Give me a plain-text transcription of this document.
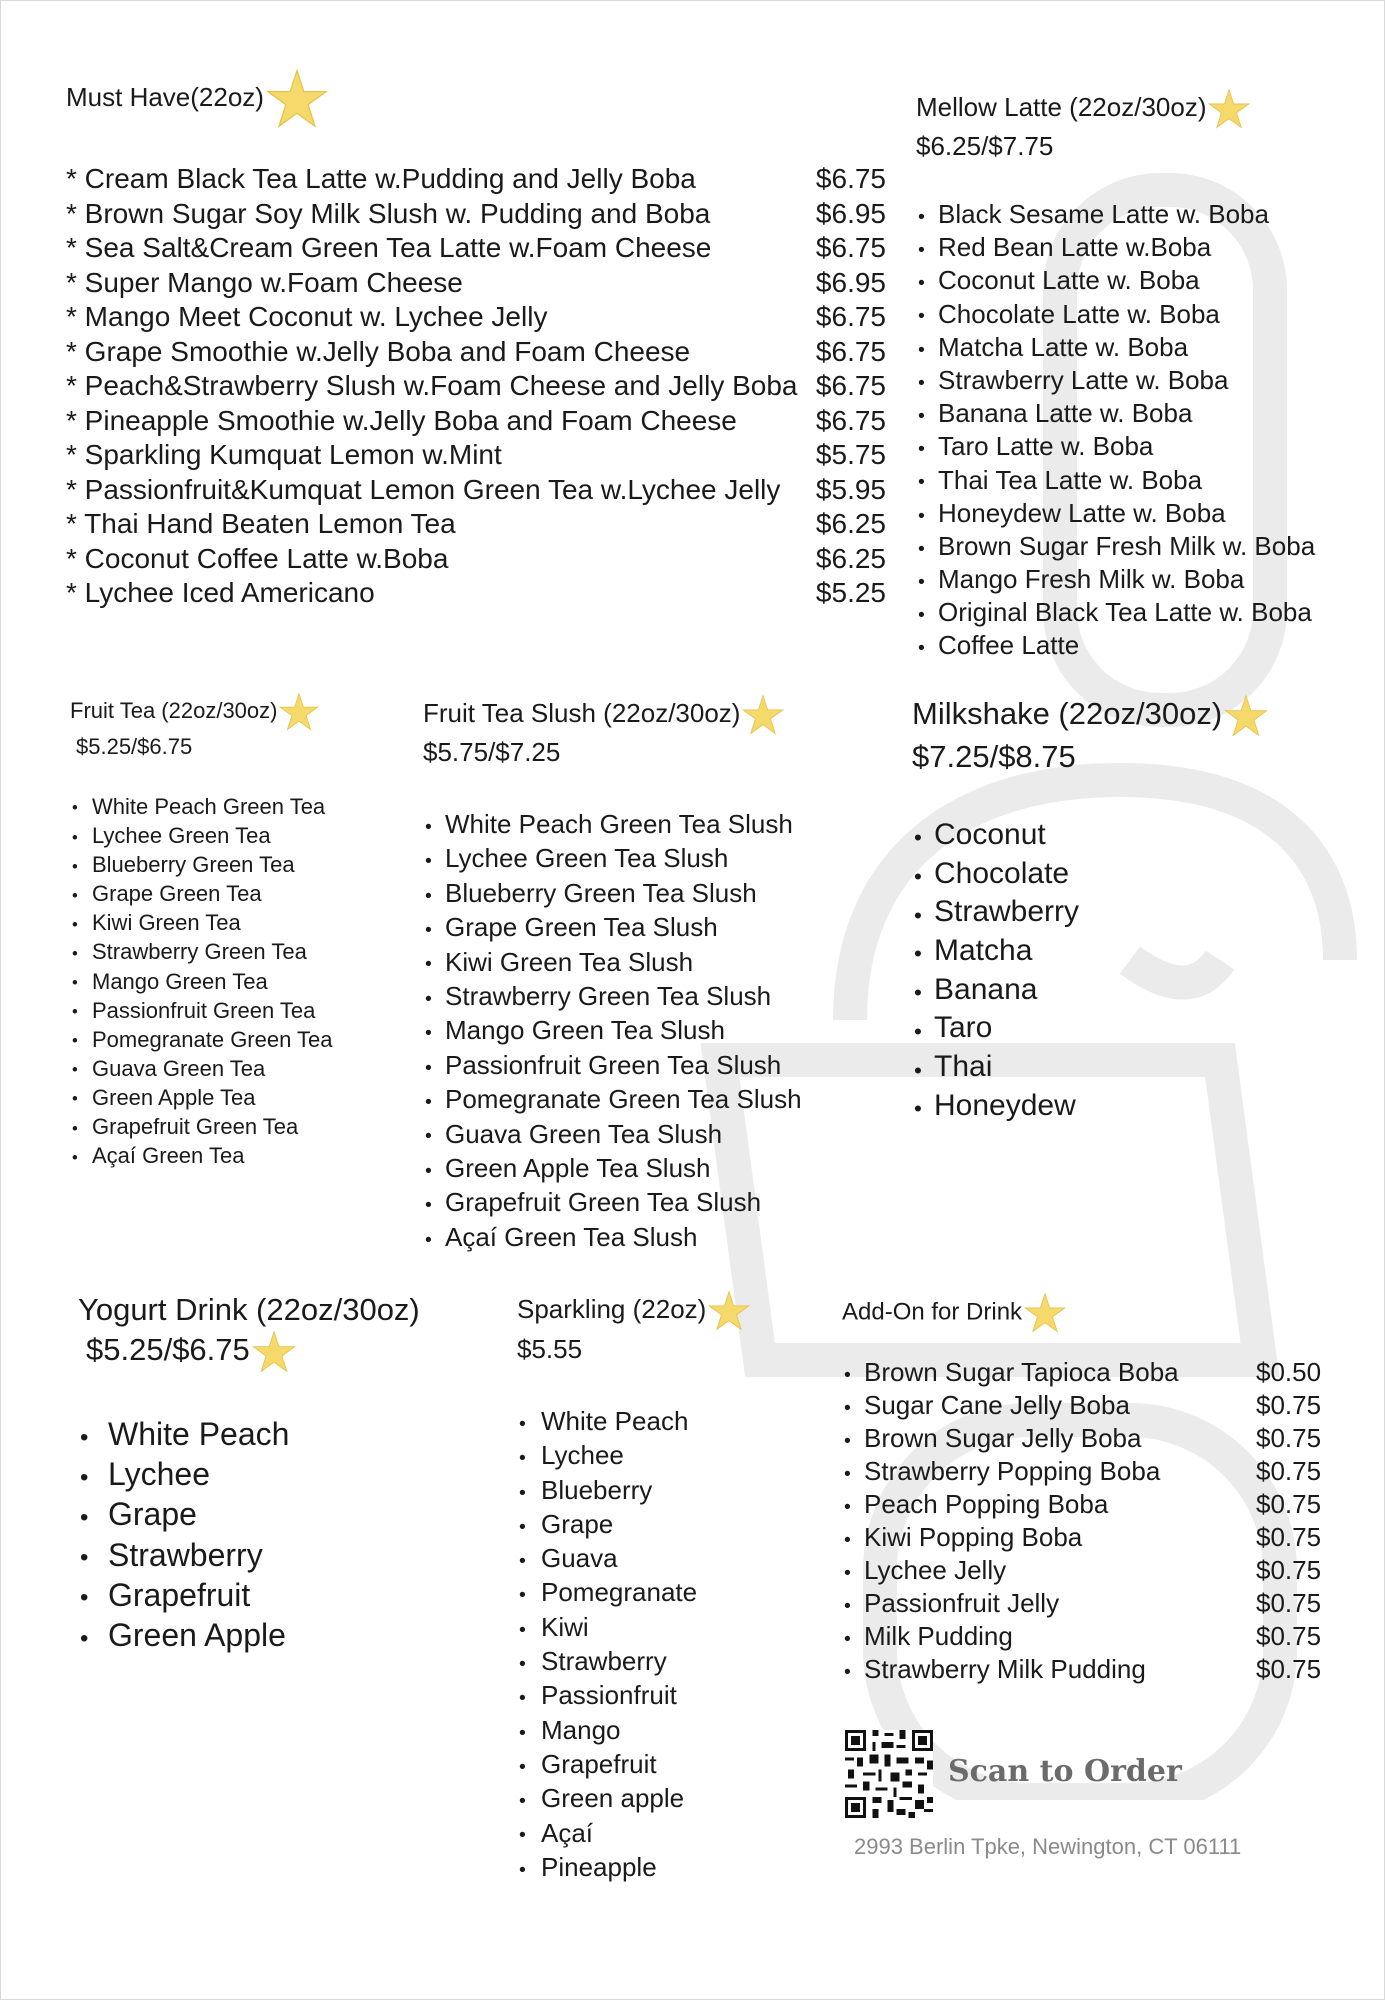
Must Have(22oz)
* Cream Black Tea Latte w.Pudding and Jelly Boba	$6.75
* Brown Sugar Soy Milk Slush w. Pudding and Boba	$6.95
* Sea Salt&Cream Green Tea Latte w.Foam Cheese	$6.75
* Super Mango w.Foam Cheese	$6.95
* Mango Meet Coconut w. Lychee Jelly	$6.75
* Grape Smoothie w.Jelly Boba and Foam Cheese	$6.75
* Peach&Strawberry Slush w.Foam Cheese and Jelly Boba $6.75
* Pineapple Smoothie w.Jelly Boba and Foam Cheese	$6.75
* Sparkling Kumquat Lemon w.Mint	$5.75
* Passionfruit&Kumquat Lemon Green Tea w.Lychee Jelly	$5.95
* Thai Hand Beaten Lemon Tea	$6.25
* Coconut Coffee Latte w.Boba	$6.25
* Lychee Iced Americano	$5.25
Mellow Latte (22oz/30oz)
$6.25/$7.75
• Black Sesame Latte w. Boba
• Red Bean Latte w.Boba
• Coconut Latte w. Boba
• Chocolate Latte w. Boba
• Matcha Latte w. Boba
• Strawberry Latte w. Boba
• Banana Latte w. Boba
• Taro Latte w. Boba
• Thai Tea Latte w. Boba
• Honeydew Latte w. Boba
• Brown Sugar Fresh Milk w. Boba
• Mango Fresh Milk w. Boba
• Original Black Tea Latte w. Boba
• Coffee Latte
Fruit Tea (22oz/30oz)
$5.25/$6.75
• White Peach Green Tea
• Lychee Green Tea
• Blueberry Green Tea
• Grape Green Tea
• Kiwi Green Tea
• Strawberry Green Tea
• Mango Green Tea
• Passionfruit Green Tea
• Pomegranate Green Tea
• Guava Green Tea
• Green Apple Tea
• Grapefruit Green Tea
• Açaí Green Tea
Fruit Tea Slush (22oz/30oz)
$5.75/$7.25
• White Peach Green Tea Slush
• Lychee Green Tea Slush
• Blueberry Green Tea Slush
• Grape Green Tea Slush
• Kiwi Green Tea Slush
• Strawberry Green Tea Slush
• Mango Green Tea Slush
• Passionfruit Green Tea Slush
• Pomegranate Green Tea Slush
• Guava Green Tea Slush
• Green Apple Tea Slush
• Grapefruit Green Tea Slush
• Açaí Green Tea Slush
Milkshake (22oz/30oz)
$7.25/$8.75
• Coconut
• Chocolate
• Strawberry
• Matcha
• Banana
• Taro
• Thai
• Honeydew
Yogurt Drink (22oz/30oz)
$5.25/$6.75
• White Peach
• Lychee
• Grape
• Strawberry
• Grapefruit
• Green Apple
Sparkling (22oz)
$5.55
• White Peach
• Lychee
• Blueberry
• Grape
• Guava
• Pomegranate
• Kiwi
• Strawberry
• Passionfruit
• Mango
• Grapefruit
• Green apple
• Açaí
• Pineapple
Add-On for Drink
• Brown Sugar Tapioca Boba	$0.50
• Sugar Cane Jelly Boba	$0.75
• Brown Sugar Jelly Boba	$0.75
• Strawberry Popping Boba	$0.75
• Peach Popping Boba	$0.75
• Kiwi Popping Boba	$0.75
• Lychee Jelly	$0.75
• Passionfruit Jelly	$0.75
• Milk Pudding	$0.75
• Strawberry Milk Pudding	$0.75
Scan to Order
2993 Berlin Tpke, Newington, CT 06111
